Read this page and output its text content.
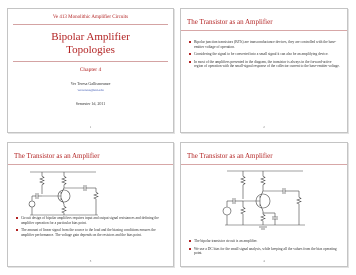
Ve 413 Monolithic Amplifier Circuits
Bipolar Amplifier
Topologies
Chapter 4
Ver Teresa Gallismeunze
ver.teresa@uni.edu
Semester 1d, 2011
1
The Transistor as an Amplifier
Bipolar junction transistors (BJTs) are transconductance devices, they are controlled with the base-emitter voltage of operation.
Considering the signal to be converted into a small signal it can also be an amplifying device.
In most of the amplifiers presented in the diagram, the transistor is always in the forward-active region of operation with the small-signal response of the collector current to the base-emitter voltage.
2
The Transistor as an Amplifier
Circuit design of bipolar amplifiers requires input and output signal resistances and defining the amplifier operation for a particular bias point.
The amount of linear signal from the source to the load and the biasing conditions ensures the amplifier performance. The voltage gain depends on the resistors and the bias point.
3
The Transistor as an Amplifier
The bipolar transistor circuit is an amplifier.
We use a DC bias for the small signal analysis, while keeping all the values from the bias operating point.
4
